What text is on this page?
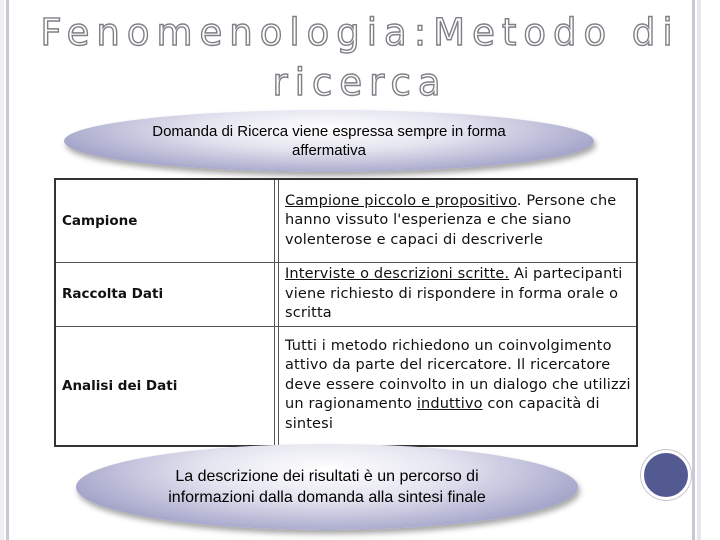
Fenomenologia:Metodo di
ricerca
Domanda di Ricerca viene espressa sempre in forma affermativa
Campione		Campione piccolo e propositivo. Persone che hanno vissuto l'esperienza e che siano volenterose e capaci di descriverle
Raccolta Dati		Interviste o descrizioni scritte. Ai partecipanti viene richiesto di rispondere in forma orale o scritta
Analisi dei Dati		Tutti i metodo richiedono un coinvolgimento attivo da parte del ricercatore. Il ricercatore deve essere coinvolto in un dialogo che utilizzi un ragionamento induttivo con capacità di sintesi
La descrizione dei risultati è un percorso di informazioni dalla domanda alla sintesi finale
